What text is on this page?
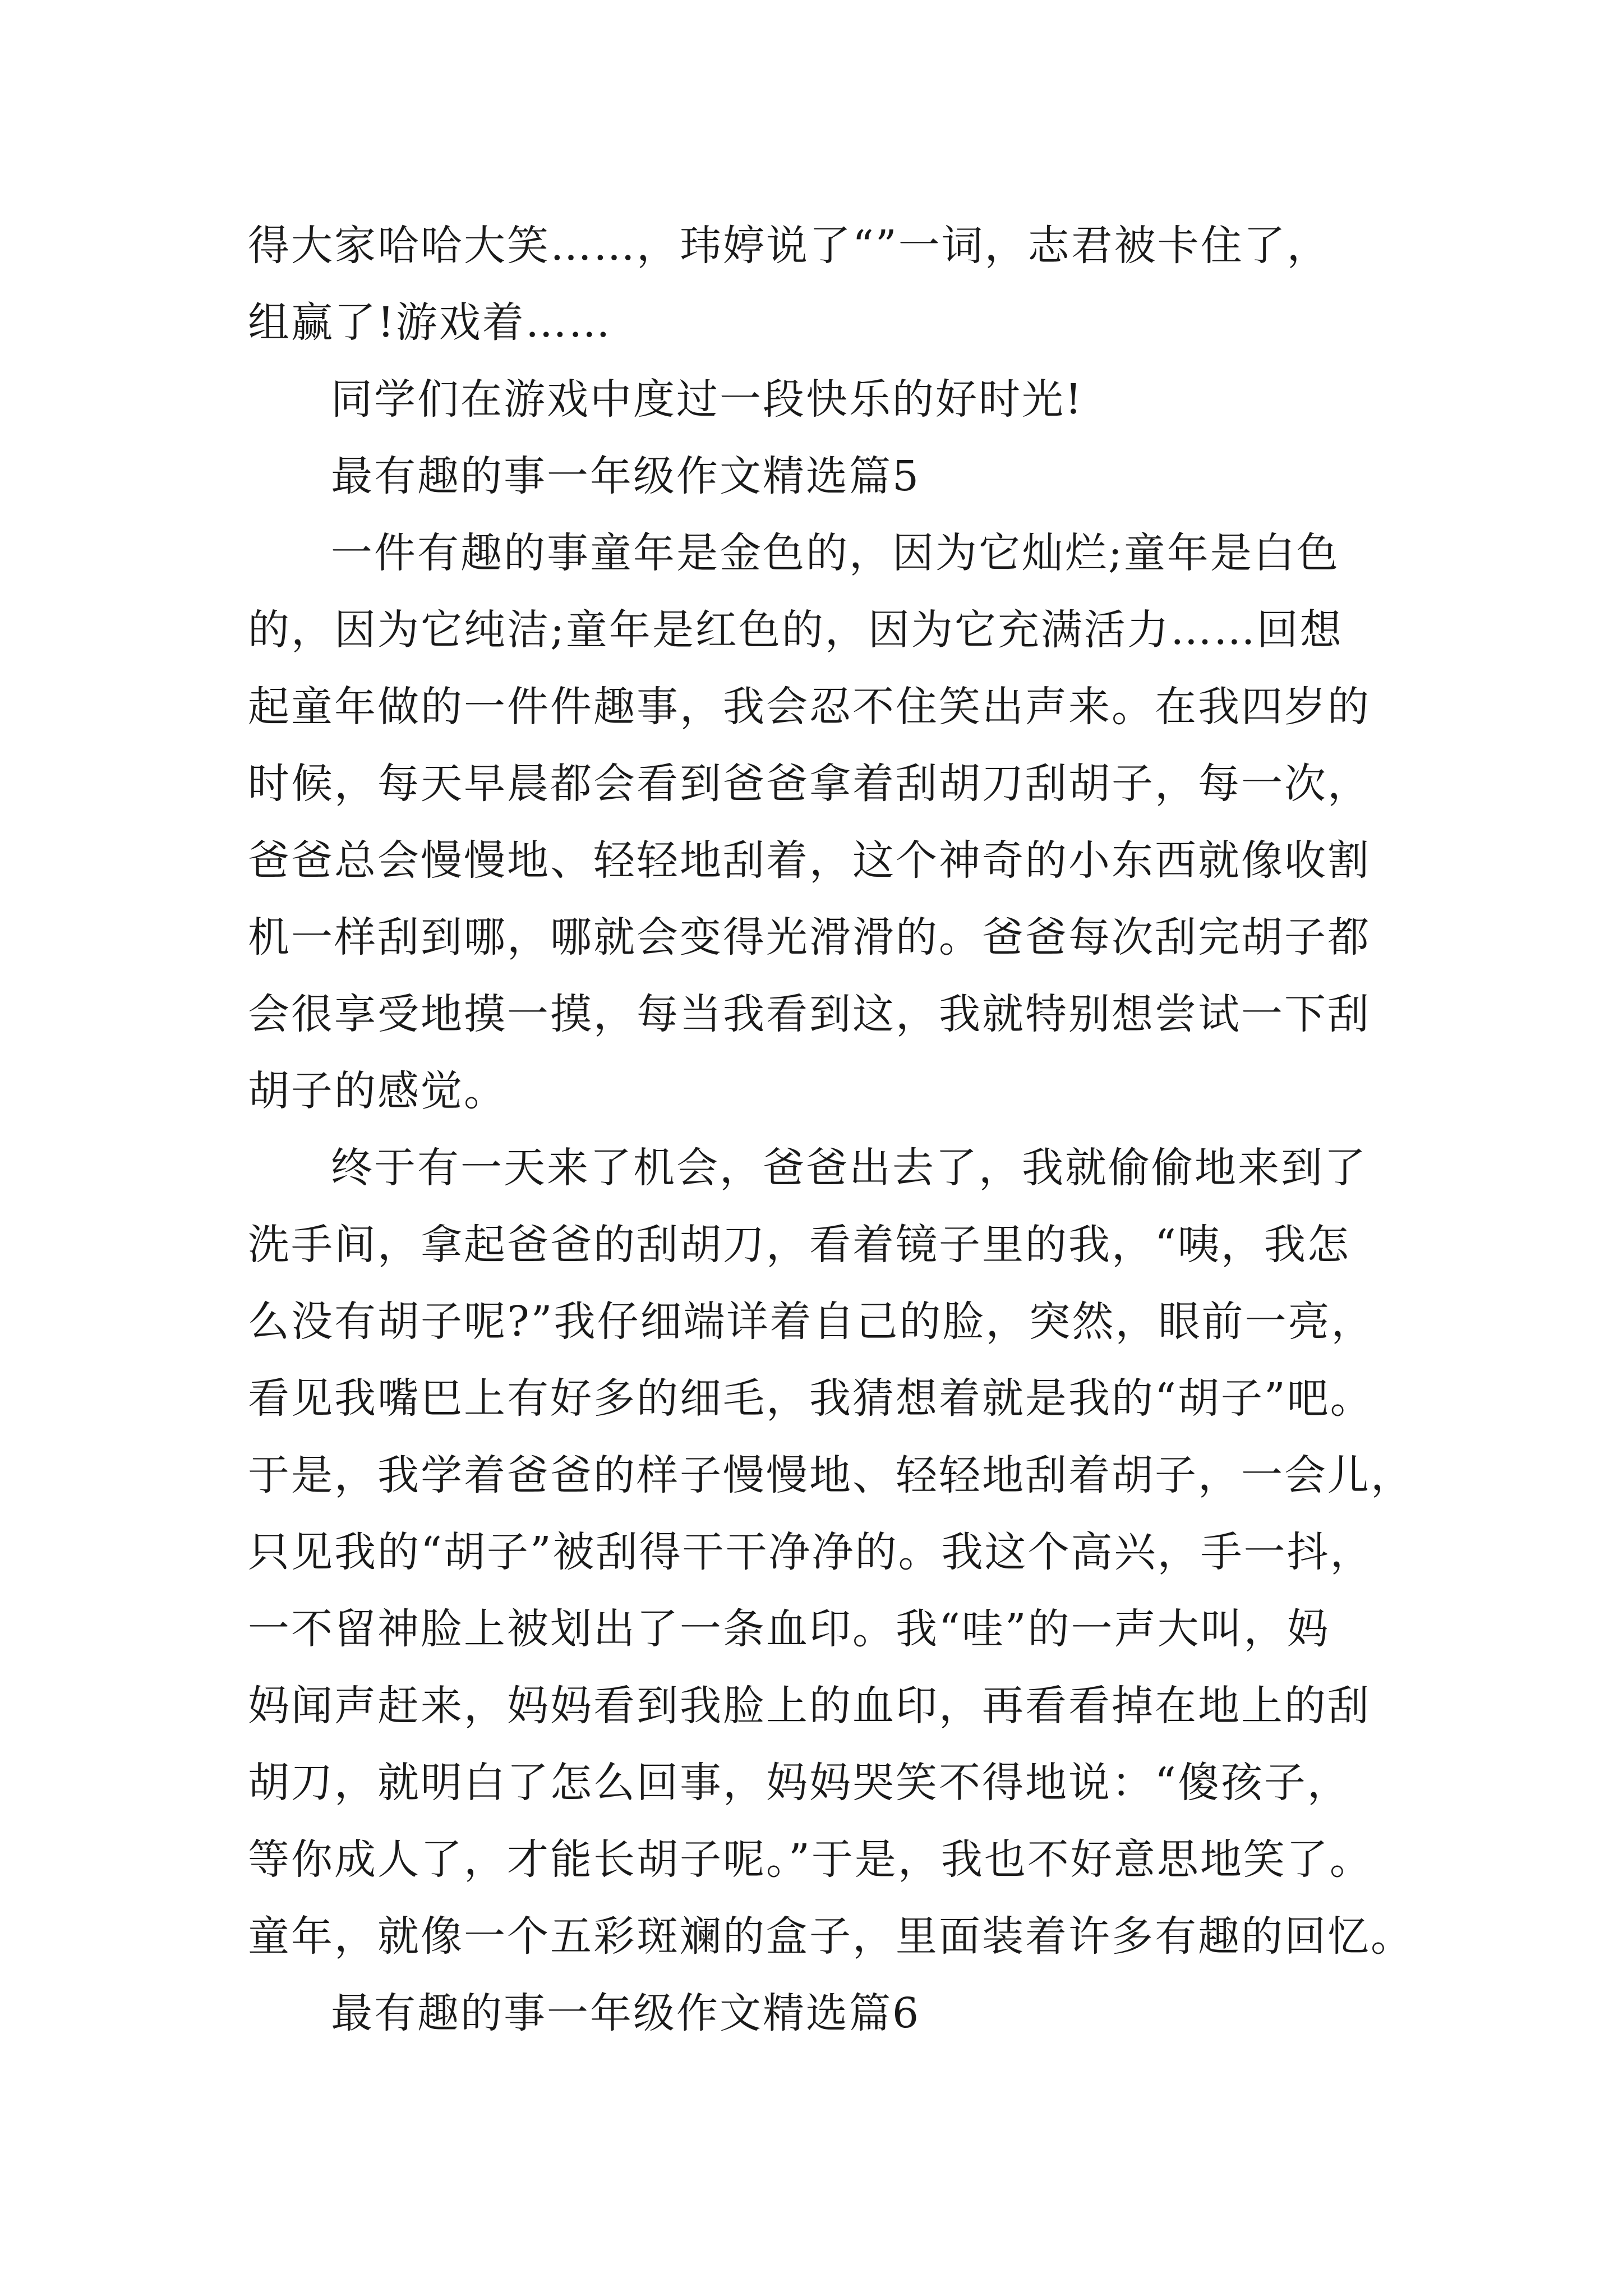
得大家哈哈大笑……，玮婷说了“”一词，志君被卡住了，

组赢了!游戏着……

同学们在游戏中度过一段快乐的好时光!

最有趣的事一年级作文精选篇5

一件有趣的事童年是金色的，因为它灿烂;童年是白色

的，因为它纯洁;童年是红色的，因为它充满活力……回想

起童年做的一件件趣事，我会忍不住笑出声来。在我四岁的

时候，每天早晨都会看到爸爸拿着刮胡刀刮胡子，每一次，

爸爸总会慢慢地、轻轻地刮着，这个神奇的小东西就像收割

机一样刮到哪，哪就会变得光滑滑的。爸爸每次刮完胡子都

会很享受地摸一摸，每当我看到这，我就特别想尝试一下刮

胡子的感觉。

终于有一天来了机会，爸爸出去了，我就偷偷地来到了

洗手间，拿起爸爸的刮胡刀，看着镜子里的我，“咦，我怎

么没有胡子呢?”我仔细端详着自己的脸，突然，眼前一亮，

看见我嘴巴上有好多的细毛，我猜想着就是我的“胡子”吧。

于是，我学着爸爸的样子慢慢地、轻轻地刮着胡子，一会儿，

只见我的“胡子”被刮得干干净净的。我这个高兴，手一抖，

一不留神脸上被划出了一条血印。我“哇”的一声大叫，妈

妈闻声赶来，妈妈看到我脸上的血印，再看看掉在地上的刮

胡刀，就明白了怎么回事，妈妈哭笑不得地说：“傻孩子，

等你成人了，才能长胡子呢。”于是，我也不好意思地笑了。

童年，就像一个五彩斑斓的盒子，里面装着许多有趣的回忆。

最有趣的事一年级作文精选篇6
